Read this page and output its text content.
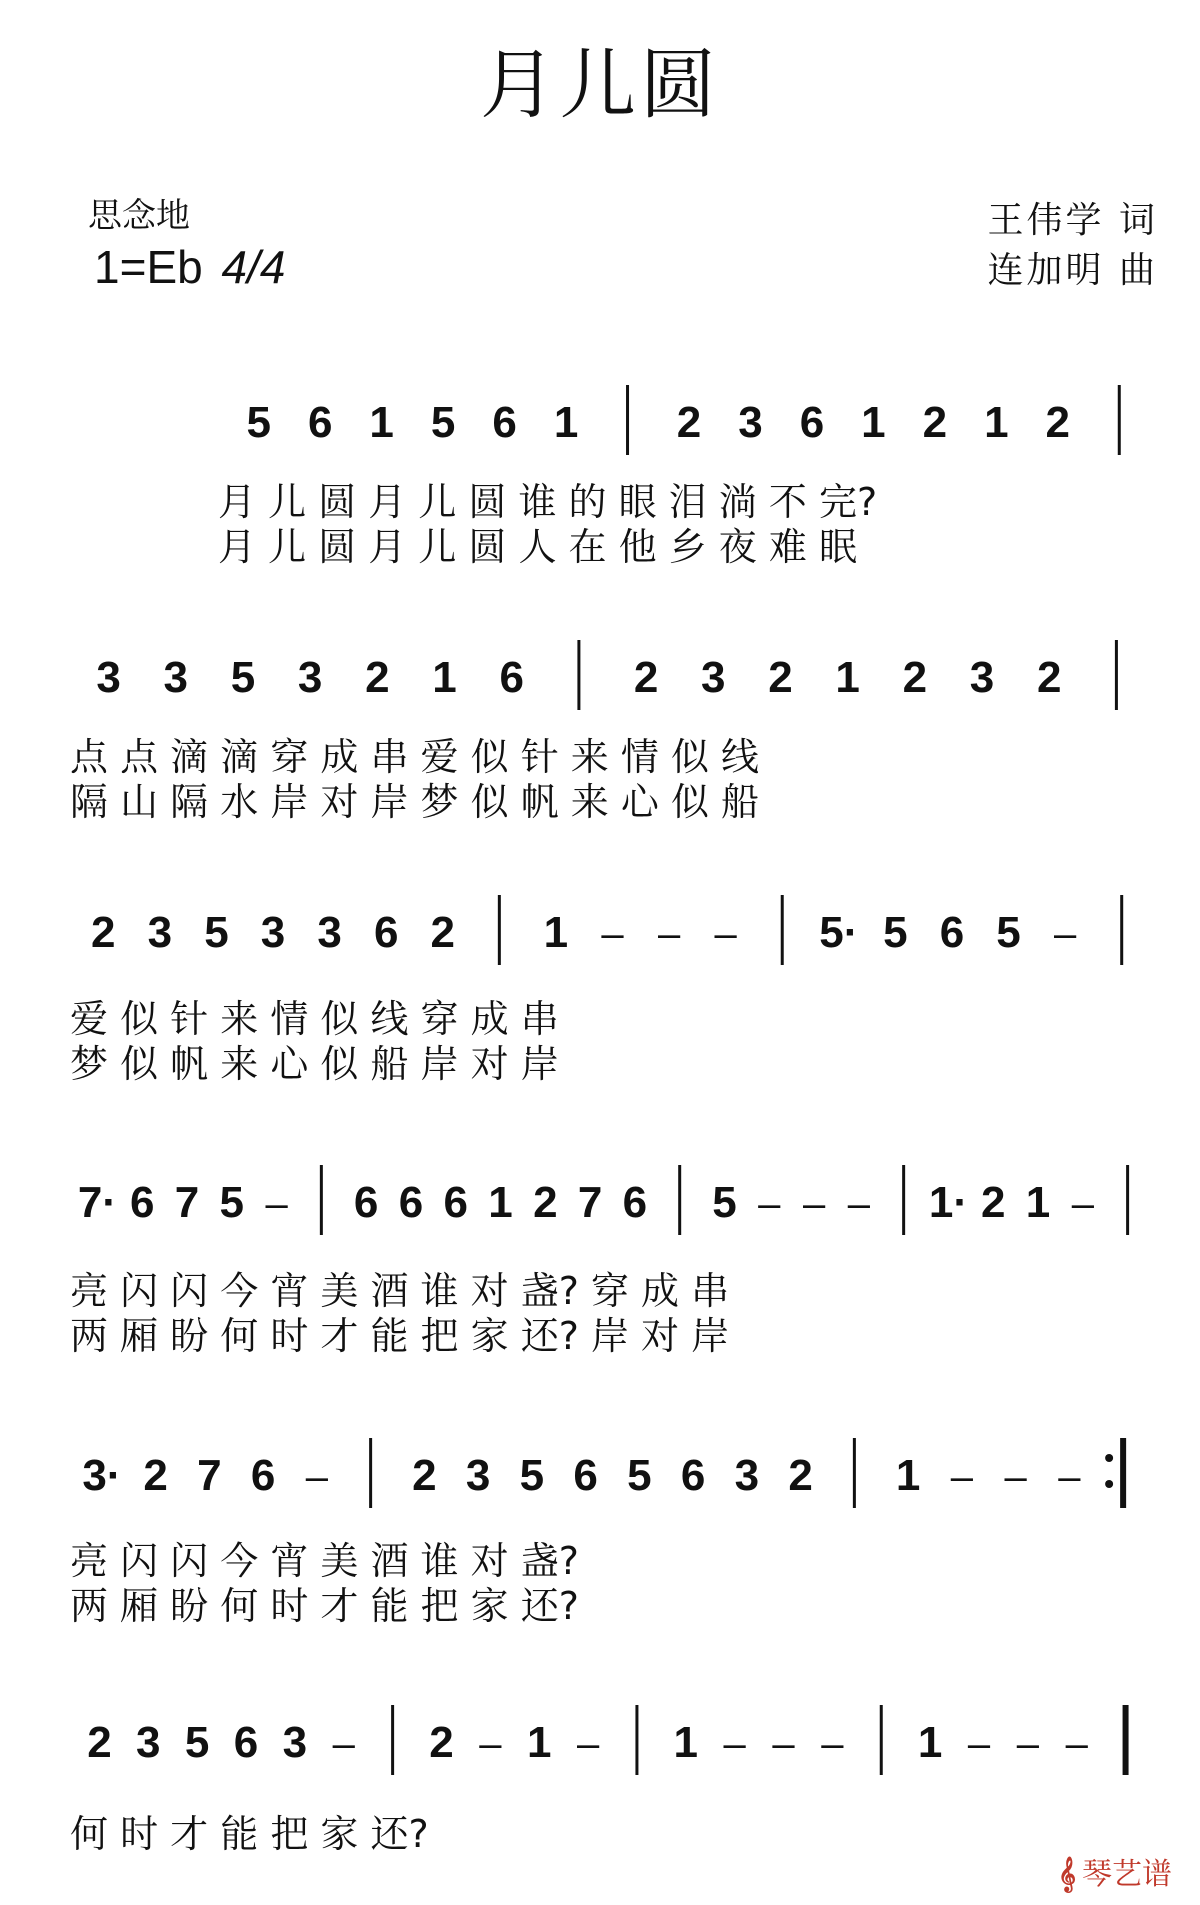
月儿圆
思念地
1=Eb 4/4
王伟学 词
连加明 曲
5 6 1 5 6 1 2 3 6 1 2 1 2
月 儿 圆 月 儿 圆 谁 的 眼 泪 淌 不 完?
月 儿 圆 月 儿 圆 人 在 他 乡 夜 难 眠
3 3 5 3 2 1 6 2 3 2 1 2 3 2
点 点 滴 滴 穿 成 串 爱 似 针 来 情 似 线
隔 山 隔 水 岸 对 岸 梦 似 帆 来 心 似 船
2 3 5 3 3 6 2 1 – – – 5· 5 6 5 –
爱 似 针 来 情 似 线 穿 成 串
梦 似 帆 来 心 似 船 岸 对 岸
7· 6 7 5 – 6 6 6 1 2 7 6 5 – – – 1· 2 1 –
亮 闪 闪 今 宵 美 酒 谁 对 盏? 穿 成 串
两 厢 盼 何 时 才 能 把 家 还? 岸 对 岸
3· 2 7 6 – 2 3 5 6 5 6 3 2 1 – – –
亮 闪 闪 今 宵 美 酒 谁 对 盏?
两 厢 盼 何 时 才 能 把 家 还?
2 3 5 6 3 – 2 – 1 – 1 – – – 1 – – –
何 时 才 能 把 家 还?
𝄞 琴艺谱
